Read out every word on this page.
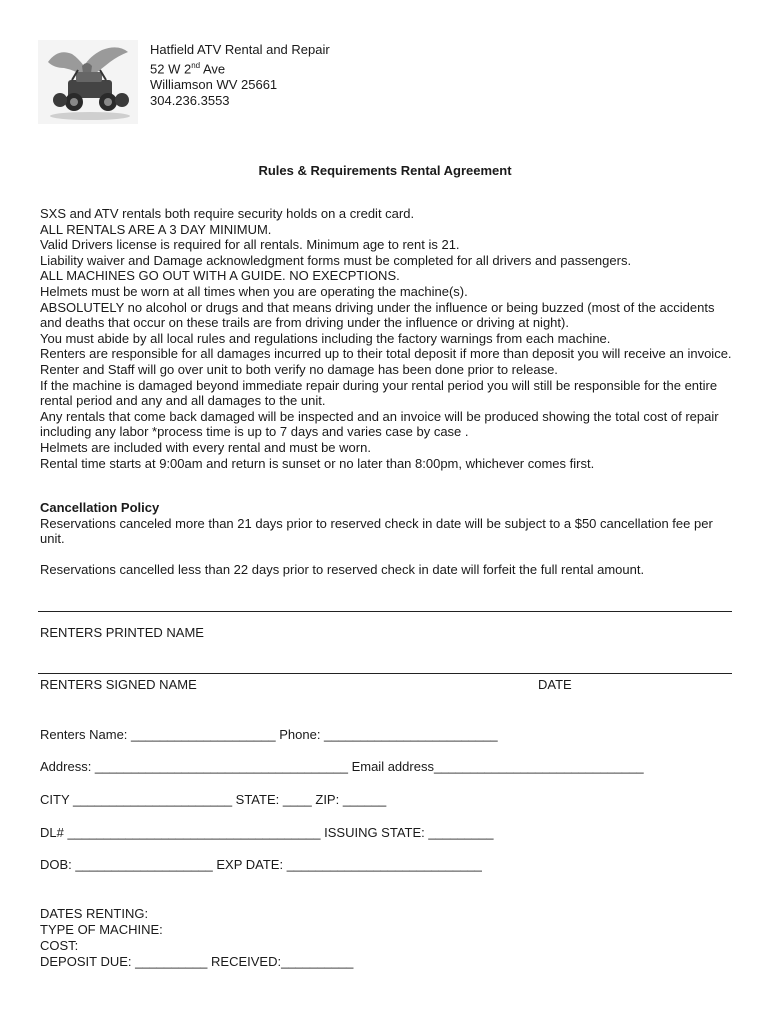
Hatfield ATV Rental and Repair
52 W 2nd Ave
Williamson WV 25661
304.236.3553
Rules & Requirements Rental Agreement
SXS and ATV rentals both require security holds on a credit card.
ALL RENTALS ARE A 3 DAY MINIMUM.
Valid Drivers license is required for all rentals. Minimum age to rent is 21.
Liability waiver and Damage acknowledgment forms must be completed for all drivers and passengers.
ALL MACHINES GO OUT WITH A GUIDE. NO EXECPTIONS.
Helmets must be worn at all times when you are operating the machine(s).
ABSOLUTELY no alcohol or drugs and that means driving under the influence or being buzzed (most of the accidents and deaths that occur on these trails are from driving under the influence or driving at night).
You must abide by all local rules and regulations including the factory warnings from each machine.
Renters are responsible for all damages incurred up to their total deposit if more than deposit you will receive an invoice.
Renter and Staff will go over unit to both verify no damage has been done prior to release.
If the machine is damaged beyond immediate repair during your rental period you will still be responsible for the entire rental period and any and all damages to the unit.
Any rentals that come back damaged will be inspected and an invoice will be produced showing the total cost of repair including any labor *process time is up to 7 days and varies case by case .
Helmets are included with every rental and must be worn.
Rental time starts at 9:00am and return is sunset or no later than 8:00pm, whichever comes first.
Cancellation Policy
Reservations canceled more than 21 days prior to reserved check in date will be subject to a $50 cancellation fee per unit.
Reservations cancelled less than 22 days prior to reserved check in date will forfeit the full rental amount.
RENTERS PRINTED NAME
RENTERS SIGNED NAME	DATE
Renters Name: ____________________ Phone: ________________________
Address: ___________________________________ Email address_____________________________
CITY ______________________ STATE: ____ ZIP: ______
DL# ___________________________________ ISSUING STATE: _________
DOB: ___________________ EXP DATE: ___________________________
DATES RENTING:
TYPE OF MACHINE:
COST:
DEPOSIT DUE: __________ RECEIVED:__________
